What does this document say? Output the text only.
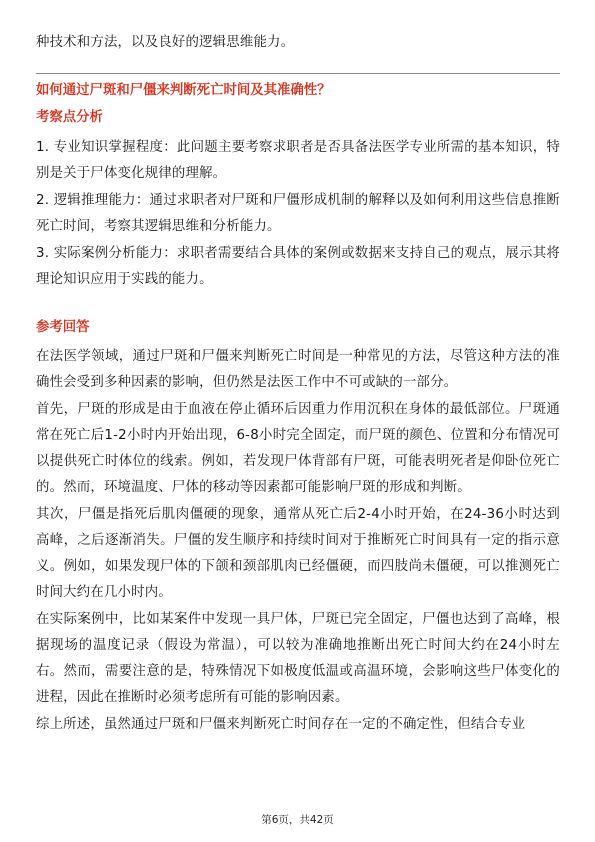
种技术和方法，以及良好的逻辑思维能力。
如何通过尸斑和尸僵来判断死亡时间及其准确性？
考察点分析

1. 专业知识掌握程度：此问题主要考察求职者是否具备法医学专业所需的基本知识，特别是关于尸体变化规律的理解。

2. 逻辑推理能力：通过求职者对尸斑和尸僵形成机制的解释以及如何利用这些信息推断死亡时间，考察其逻辑思维和分析能力。

3. 实际案例分析能力：求职者需要结合具体的案例或数据来支持自己的观点，展示其将理论知识应用于实践的能力。

参考回答

在法医学领域，通过尸斑和尸僵来判断死亡时间是一种常见的方法，尽管这种方法的准确性会受到多种因素的影响，但仍然是法医工作中不可或缺的一部分。

首先，尸斑的形成是由于血液在停止循环后因重力作用沉积在身体的最低部位。尸斑通常在死亡后1-2小时内开始出现，6-8小时完全固定，而尸斑的颜色、位置和分布情况可以提供死亡时体位的线索。例如，若发现尸体背部有尸斑，可能表明死者是仰卧位死亡的。然而，环境温度、尸体的移动等因素都可能影响尸斑的形成和判断。

其次，尸僵是指死后肌肉僵硬的现象，通常从死亡后2-4小时开始，在24-36小时达到高峰，之后逐渐消失。尸僵的发生顺序和持续时间对于推断死亡时间具有一定的指示意义。例如，如果发现尸体的下颌和颈部肌肉已经僵硬，而四肢尚未僵硬，可以推测死亡时间大约在几小时内。

在实际案例中，比如某案件中发现一具尸体，尸斑已完全固定，尸僵也达到了高峰，根据现场的温度记录（假设为常温），可以较为准确地推断出死亡时间大约在24小时左右。然而，需要注意的是，特殊情况下如极度低温或高温环境，会影响这些尸体变化的进程，因此在推断时必须考虑所有可能的影响因素。

综上所述，虽然通过尸斑和尸僵来判断死亡时间存在一定的不确定性，但结合专业

第6页，共42页
